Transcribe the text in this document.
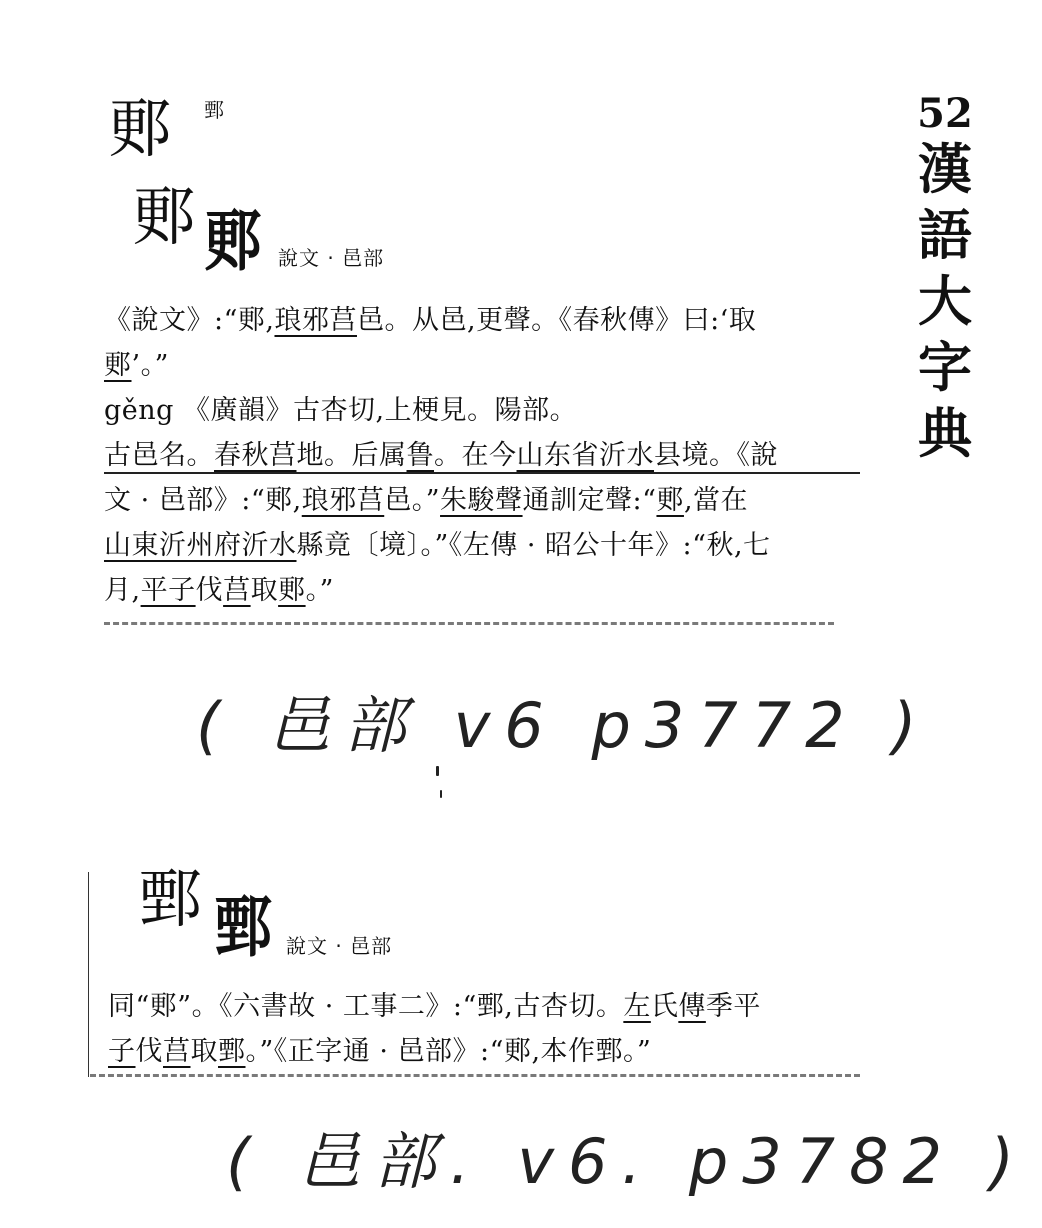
52
漢
語
大
字
典
郠 鄄
郠 郠 說文 · 邑部
《說文》:“郠,琅邪莒邑。从邑,更聲。《春秋傳》曰:‘取
郠’。”
gěng 《廣韻》古杏切,上梗見。陽部。
古邑名。春秋莒地。后属鲁。在今山东省沂水县境。《說
文 · 邑部》:“郠,琅邪莒邑。”朱駿聲通訓定聲:“郠,當在
山東沂州府沂水縣竟〔境〕。”《左傳 · 昭公十年》:“秋,七
月,平子伐莒取郠。”
( 邑部 v6 p3772 )
鄄 鄄 說文 · 邑部
同“郠”。《六書故 · 工事二》:“鄄,古杏切。左氏傳季平
子伐莒取鄄。”《正字通 · 邑部》:“郠,本作鄄。”
( 邑部. v6. p3782 )
